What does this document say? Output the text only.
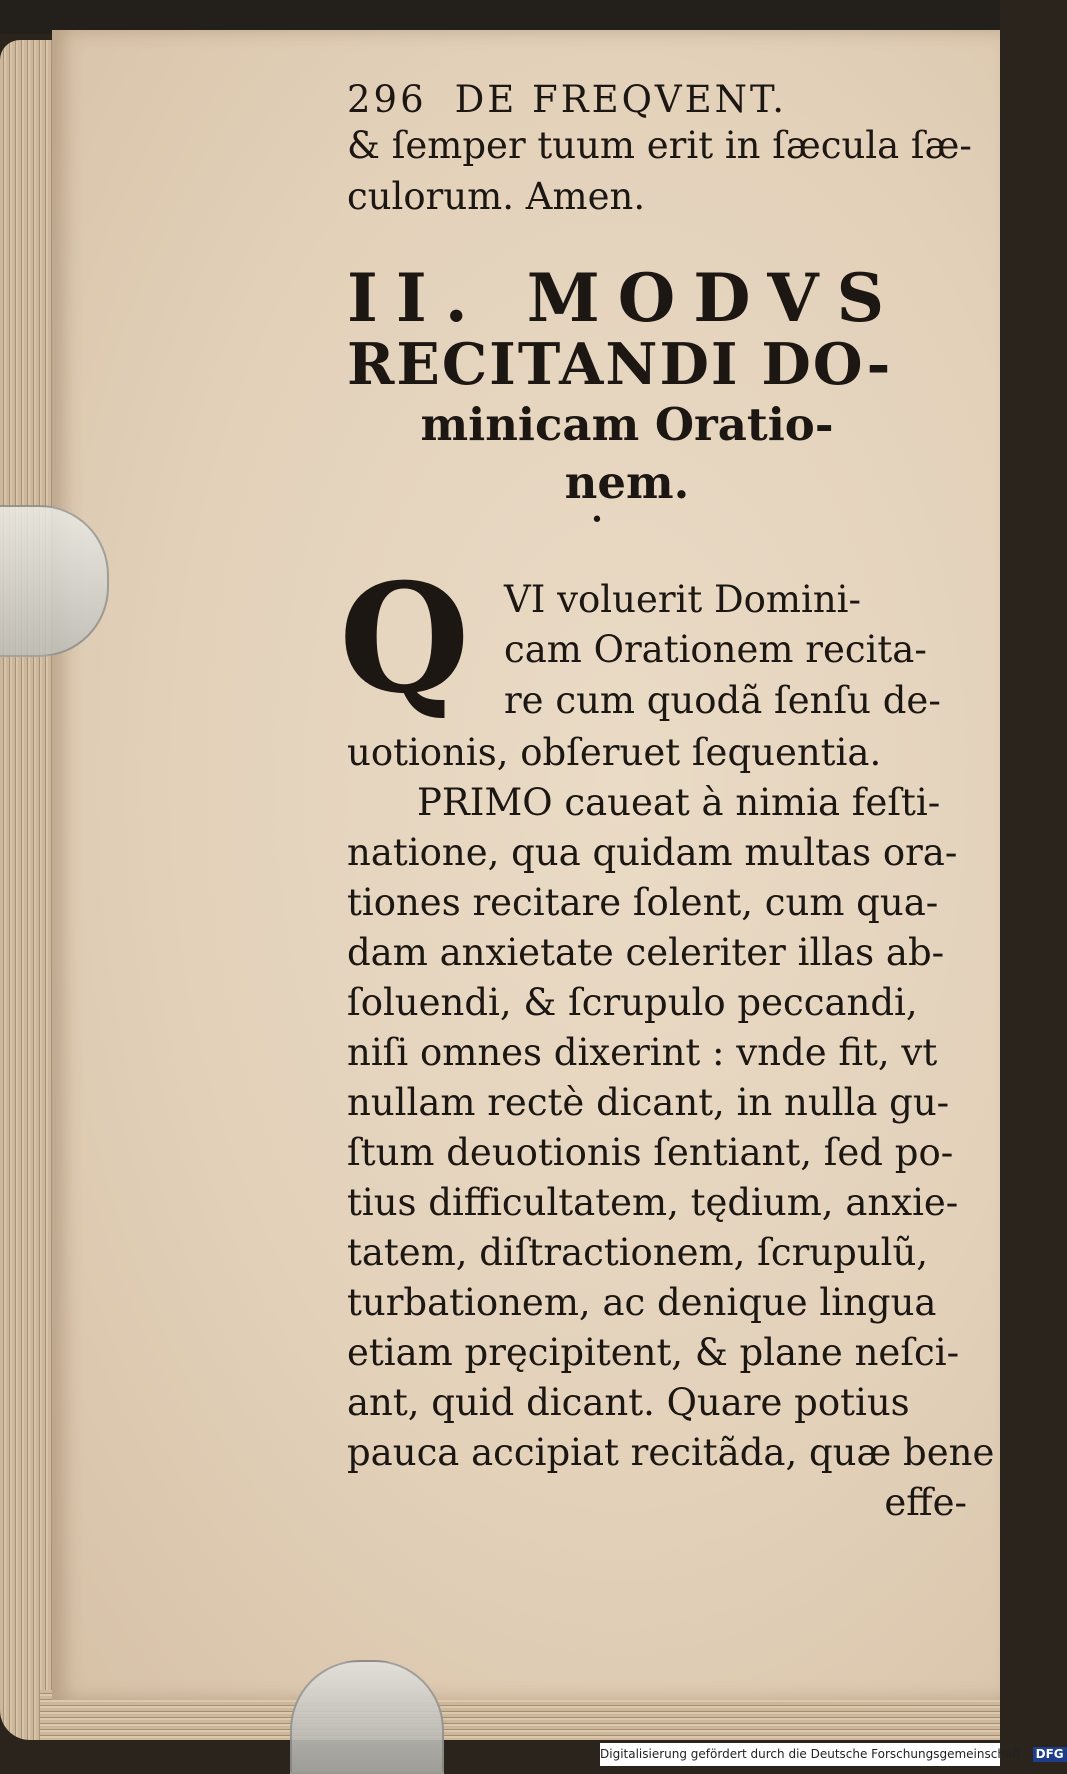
296 DE FREQVENT.
& ſemper tuum erit in ſæcula ſæ-
culorum. Amen.
II. MODVS
RECITANDI DO-
minicam Oratio-
nem.
•
Q VI voluerit Domini-
cam Orationem recita-
re cum quodã ſenſu de-
uotionis, obſeruet ſequentia.
PRIMO caueat à nimia feſti-
natione, qua quidam multas ora-
tiones recitare ſolent, cum qua-
dam anxietate celeriter illas ab-
ſoluendi, & ſcrupulo peccandi,
niſi omnes dixerint : vnde fit, vt
nullam rectè dicant, in nulla gu-
ſtum deuotionis ſentiant, ſed po-
tius difficultatem, tędium, anxie-
tatem, diſtractionem, ſcrupulũ,
turbationem, ac denique lingua
etiam pręcipitent, & plane neſci-
ant, quid dicant. Quare potius
pauca accipiat recitãda, quæ bene
effe-
Digitalisierung gefördert durch die Deutsche Forschungsgemeinschaft · DFG
